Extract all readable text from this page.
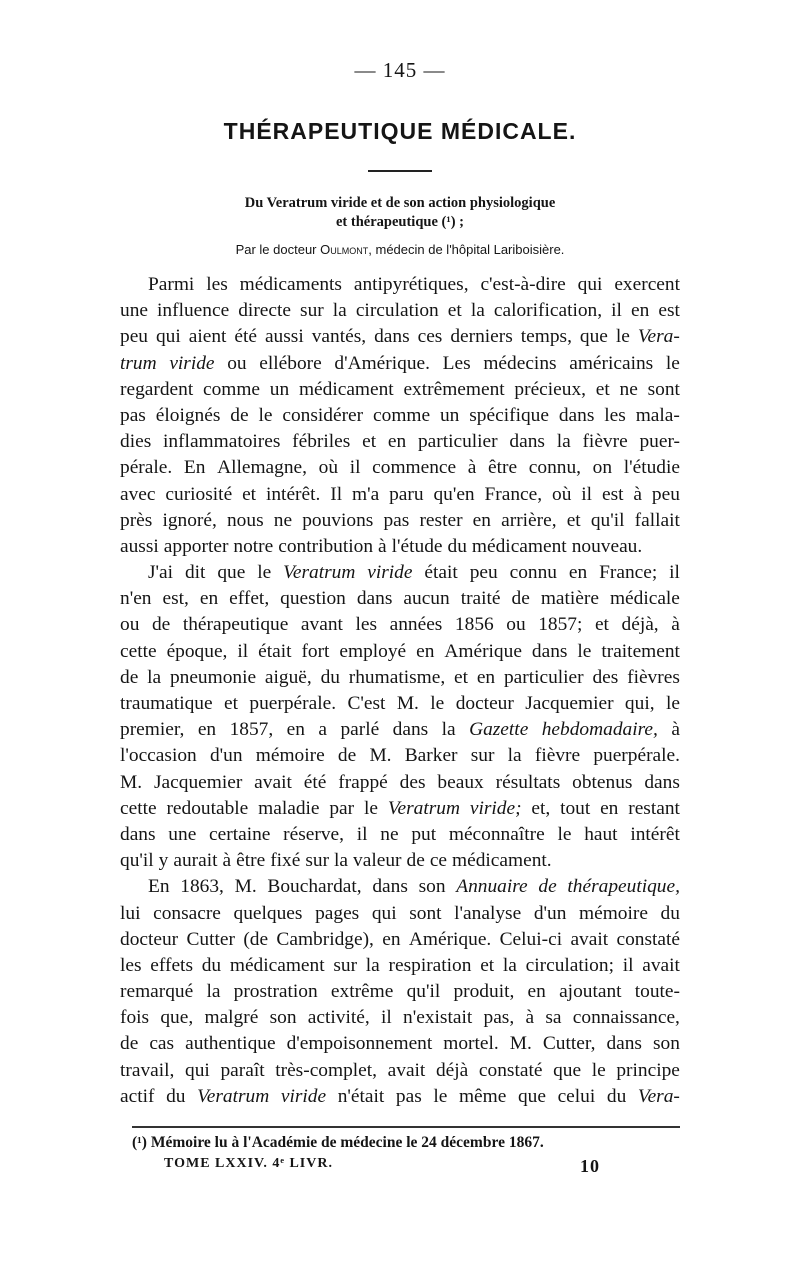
— 145 —
THÉRAPEUTIQUE MÉDICALE.
Du Veratrum viride et de son action physiologique
et thérapeutique (¹) ;
Par le docteur Oulmont, médecin de l'hôpital Lariboisière.
Parmi les médicaments antipyrétiques, c'est-à-dire qui exercent
une influence directe sur la circulation et la calorification, il en est
peu qui aient été aussi vantés, dans ces derniers temps, que le Vera-
trum viride ou ellébore d'Amérique. Les médecins américains le
regardent comme un médicament extrêmement précieux, et ne sont
pas éloignés de le considérer comme un spécifique dans les mala-
dies inflammatoires fébriles et en particulier dans la fièvre puer-
pérale. En Allemagne, où il commence à être connu, on l'étudie
avec curiosité et intérêt. Il m'a paru qu'en France, où il est à peu
près ignoré, nous ne pouvions pas rester en arrière, et qu'il fallait
aussi apporter notre contribution à l'étude du médicament nouveau.
J'ai dit que le Veratrum viride était peu connu en France; il
n'en est, en effet, question dans aucun traité de matière médicale
ou de thérapeutique avant les années 1856 ou 1857; et déjà, à
cette époque, il était fort employé en Amérique dans le traitement
de la pneumonie aiguë, du rhumatisme, et en particulier des fièvres
traumatique et puerpérale. C'est M. le docteur Jacquemier qui, le
premier, en 1857, en a parlé dans la Gazette hebdomadaire, à
l'occasion d'un mémoire de M. Barker sur la fièvre puerpérale.
M. Jacquemier avait été frappé des beaux résultats obtenus dans
cette redoutable maladie par le Veratrum viride; et, tout en restant
dans une certaine réserve, il ne put méconnaître le haut intérêt
qu'il y aurait à être fixé sur la valeur de ce médicament.
En 1863, M. Bouchardat, dans son Annuaire de thérapeutique,
lui consacre quelques pages qui sont l'analyse d'un mémoire du
docteur Cutter (de Cambridge), en Amérique. Celui-ci avait constaté
les effets du médicament sur la respiration et la circulation; il avait
remarqué la prostration extrême qu'il produit, en ajoutant toute-
fois que, malgré son activité, il n'existait pas, à sa connaissance,
de cas authentique d'empoisonnement mortel. M. Cutter, dans son
travail, qui paraît très-complet, avait déjà constaté que le principe
actif du Veratrum viride n'était pas le même que celui du Vera-
(¹) Mémoire lu à l'Académie de médecine le 24 décembre 1867.
TOME LXXIV. 4ᵉ LIVR.	10
